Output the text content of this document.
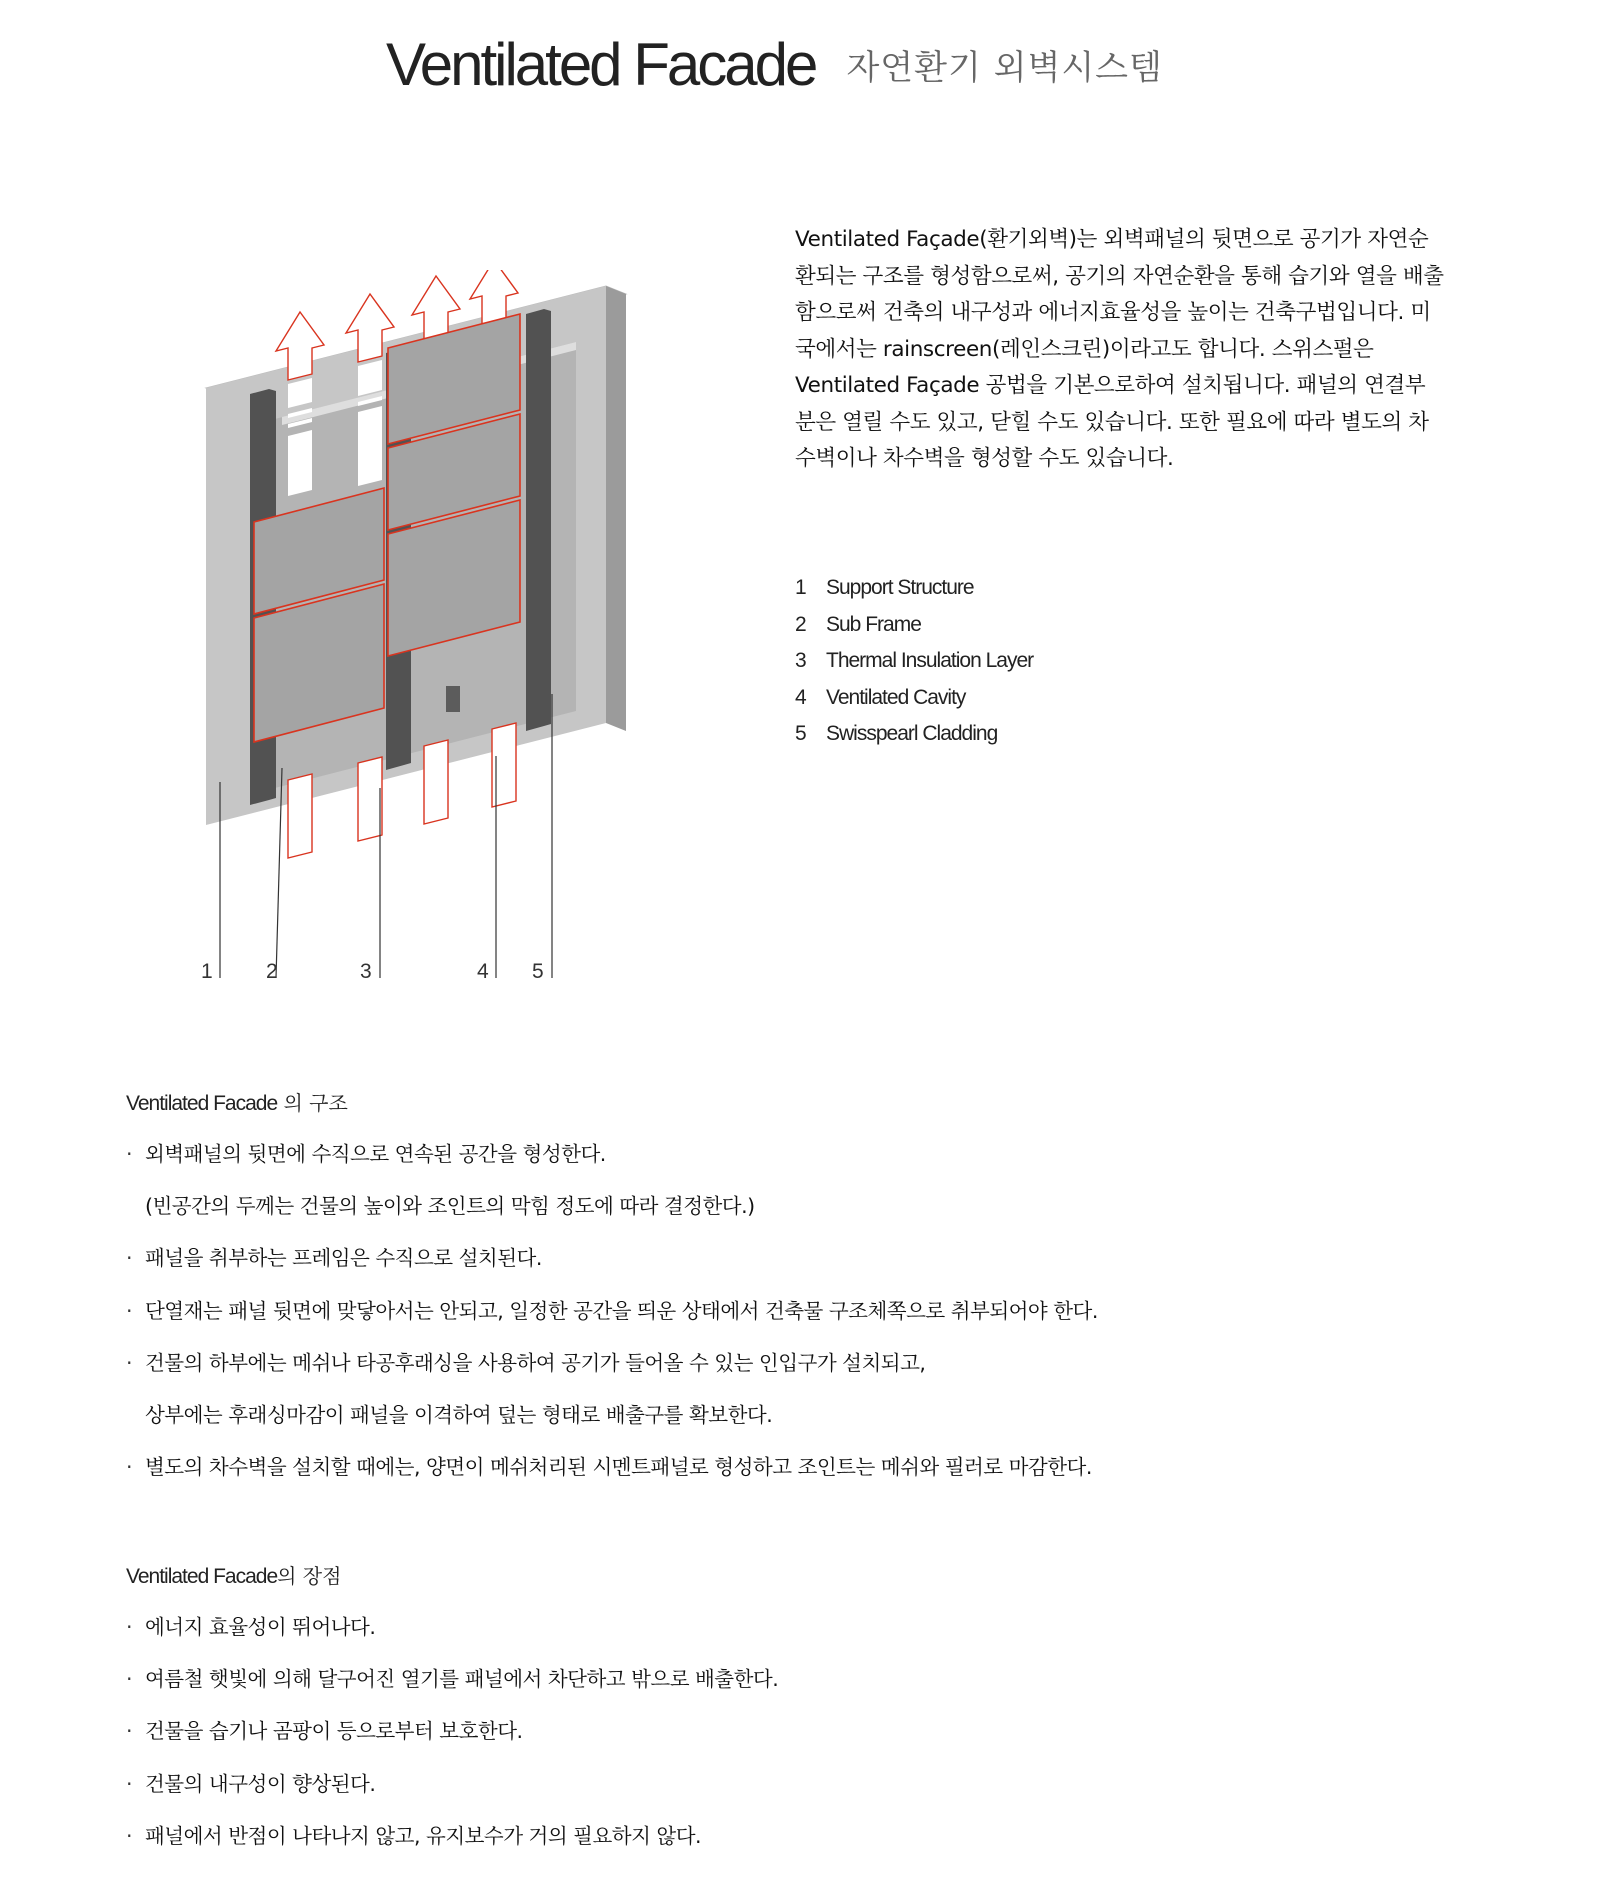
Ventilated Facade 자연환기 외벽시스템
1	2	3	4 5

Ventilated Façade(환기외벽)는 외벽패널의 뒷면으로 공기가 자연순환되는 구조를 형성함으로써, 공기의 자연순환을 통해 습기와 열을 배출함으로써 건축의 내구성과 에너지효율성을 높이는 건축구법입니다. 미국에서는 rainscreen(레인스크린)이라고도 합니다. 스위스펄은 Ventilated Façade 공법을 기본으로하여 설치됩니다. 패널의 연결부분은 열릴 수도 있고, 닫힐 수도 있습니다. 또한 필요에 따라 별도의 차수벽이나 차수벽을 형성할 수도 있습니다.

1 Support Structure
2 Sub Frame
3 Thermal Insulation Layer
4 Ventilated Cavity
5 Swisspearl Cladding
Ventilated Facade 의 구조
· 외벽패널의 뒷면에 수직으로 연속된 공간을 형성한다.
(빈공간의 두께는 건물의 높이와 조인트의 막힘 정도에 따라 결정한다.)
· 패널을 취부하는 프레임은 수직으로 설치된다.
· 단열재는 패널 뒷면에 맞닿아서는 안되고, 일정한 공간을 띄운 상태에서 건축물 구조체쪽으로 취부되어야 한다.
· 건물의 하부에는 메쉬나 타공후래싱을 사용하여 공기가 들어올 수 있는 인입구가 설치되고,
상부에는 후래싱마감이 패널을 이격하여 덮는 형태로 배출구를 확보한다.
· 별도의 차수벽을 설치할 때에는, 양면이 메쉬처리된 시멘트패널로 형성하고 조인트는 메쉬와 필러로 마감한다.
Ventilated Facade의 장점
· 에너지 효율성이 뛰어나다.
· 여름철 햇빛에 의해 달구어진 열기를 패널에서 차단하고 밖으로 배출한다.
· 건물을 습기나 곰팡이 등으로부터 보호한다.
· 건물의 내구성이 향상된다.
· 패널에서 반점이 나타나지 않고, 유지보수가 거의 필요하지 않다.
